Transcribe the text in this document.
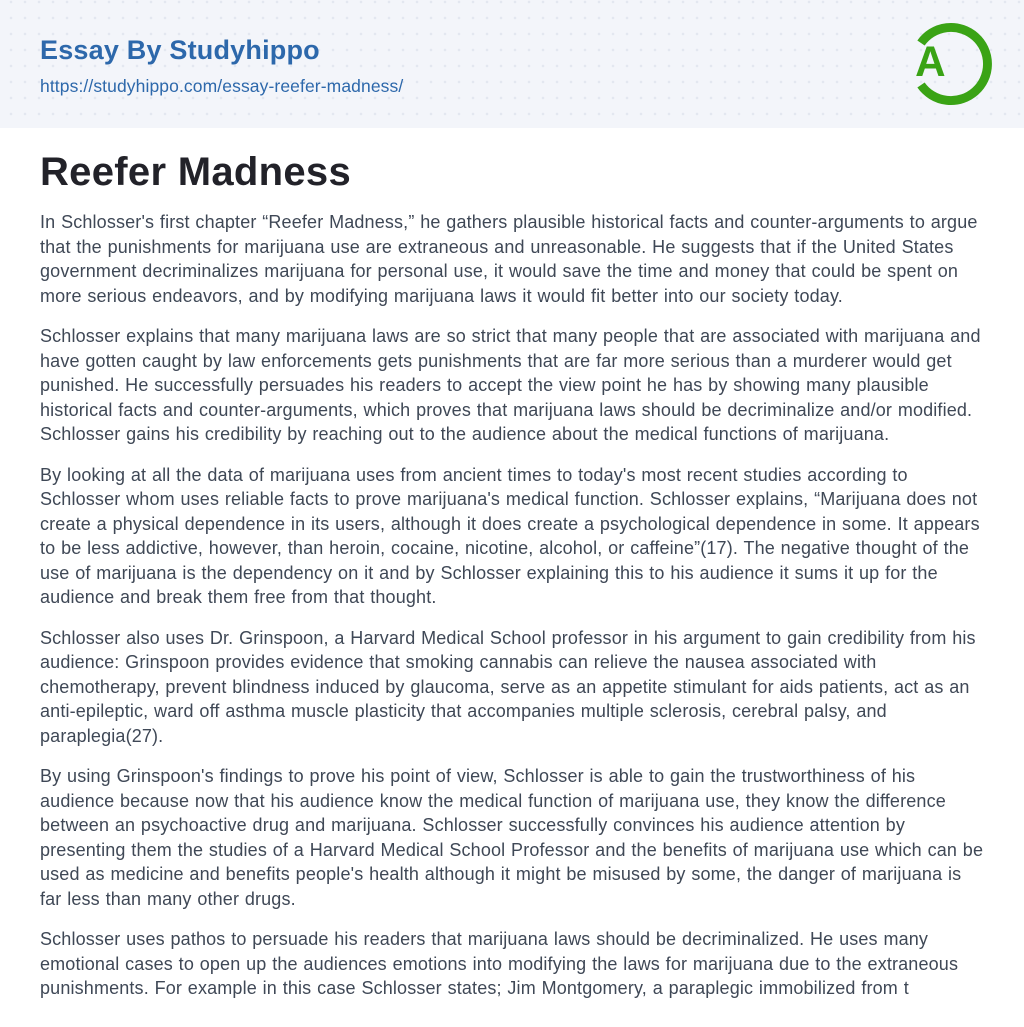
Essay By Studyhippo
https://studyhippo.com/essay-reefer-madness/
A
Reefer Madness

In Schlosser's first chapter “Reefer Madness,” he gathers plausible historical facts and counter-arguments to argue that the punishments for marijuana use are extraneous and unreasonable. He suggests that if the United States government decriminalizes marijuana for personal use, it would save the time and money that could be spent on more serious endeavors, and by modifying marijuana laws it would fit better into our society today.

Schlosser explains that many marijuana laws are so strict that many people that are associated with marijuana and have gotten caught by law enforcements gets punishments that are far more serious than a murderer would get punished. He successfully persuades his readers to accept the view point he has by showing many plausible historical facts and counter-arguments, which proves that marijuana laws should be decriminalize and/or modified. Schlosser gains his credibility by reaching out to the audience about the medical functions of marijuana.

By looking at all the data of marijuana uses from ancient times to today's most recent studies according to Schlosser whom uses reliable facts to prove marijuana's medical function. Schlosser explains, “Marijuana does not create a physical dependence in its users, although it does create a psychological dependence in some. It appears to be less addictive, however, than heroin, cocaine, nicotine, alcohol, or caffeine”(17). The negative thought of the use of marijuana is the dependency on it and by Schlosser explaining this to his audience it sums it up for the audience and break them free from that thought.

Schlosser also uses Dr. Grinspoon, a Harvard Medical School professor in his argument to gain credibility from his audience: Grinspoon provides evidence that smoking cannabis can relieve the nausea associated with chemotherapy, prevent blindness induced by glaucoma, serve as an appetite stimulant for aids patients, act as an anti-epileptic, ward off asthma muscle plasticity that accompanies multiple sclerosis, cerebral palsy, and paraplegia(27).

By using Grinspoon's findings to prove his point of view, Schlosser is able to gain the trustworthiness of his audience because now that his audience know the medical function of marijuana use, they know the difference between an psychoactive drug and marijuana. Schlosser successfully convinces his audience attention by presenting them the studies of a Harvard Medical School Professor and the benefits of marijuana use which can be used as medicine and benefits people's health although it might be misused by some, the danger of marijuana is far less than many other drugs.

Schlosser uses pathos to persuade his readers that marijuana laws should be decriminalized. He uses many emotional cases to open up the audiences emotions into modifying the laws for marijuana due to the extraneous punishments. For example in this case Schlosser states; Jim Montgomery, a paraplegic immobilized from t
